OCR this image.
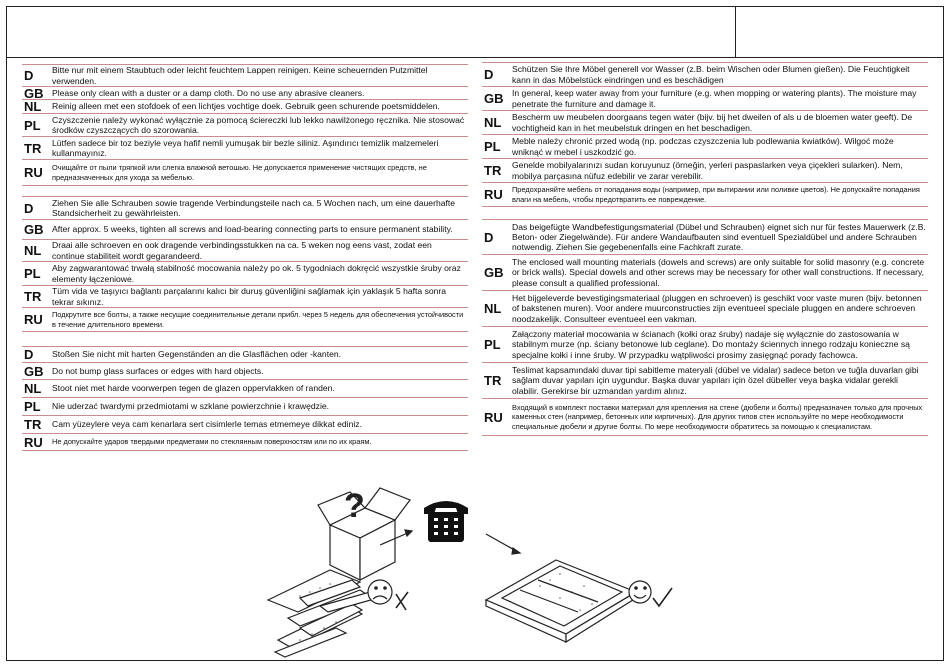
D	Bitte nur mit einem Staubtuch oder leicht feuchtem Lappen reinigen. Keine scheuernden Putzmittel verwenden.
GB Please only clean with a duster or a damp cloth. Do no use any abrasive cleaners.
NL	Reinig alleen met een stofdoek of een lichtjes vochtige doek. Gebruik geen schurende poetsmiddelen.
PL	Czyszczenie należy wykonać wyłącznie za pomocą ściereczki lub lekko nawilżonego ręcznika. Nie stosować środków czyszczących do szorowania.
TR	Lütfen sadece bir toz beziyle veya hafif nemli yumuşak bir bezle siliniz. Aşındırıcı temizlik malzemeleri kullanmayınız.
RU	Очищайте от пыли тряпкой или слегка влажной ветошью. Не допускается применение чистящих средств, не предназначенных для ухода за мебелью.
D	Ziehen Sie alle Schrauben sowie tragende Verbindungsteile nach ca. 5 Wochen nach, um eine dauerhafte Standsicherheit zu gewährleisten.
GB After approx. 5 weeks, tighten all screws and load-bearing connecting parts to ensure permanent stability.
NL	Draai alle schroeven en ook dragende verbindingsstukken na ca. 5 weken nog eens vast, zodat een continue stabiliteit wordt gegarandeerd.
PL	Aby zagwarantować trwałą stabilność mocowania należy po ok. 5 tygodniach dokręcić wszystkie śruby oraz elementy łączeniowe.
TR	Tüm vida ve taşıyıcı bağlantı parçalarını kalıcı bir duruş güvenliğini sağlamak için yaklaşık 5 hafta sonra tekrar sıkınız.
RU	Подкрутите все болты, а также несущие соединительные детали прибл. через 5 недель для обеспечения устойчивости в течение длительного времени.
D	Stoßen Sie nicht mit harten Gegenständen an die Glasflächen oder -kanten.
GB Do not bump glass surfaces or edges with hard objects.
NL	Stoot niet met harde voorwerpen tegen de glazen oppervlakken of randen.
PL	Nie uderzać twardymi przedmiotami w szklane powierzchnie i krawędzie.
TR	Cam yüzeylere veya cam kenarlara sert cisimlerle temas etmemeye dikkat ediniz.
RU	Не допускайте ударов твердыми предметами по стеклянным поверхностям или по их краям.
D	Schützen Sie Ihre Möbel generell vor Wasser (z.B. beim Wischen oder Blumen gießen). Die Feuchtigkeit kann in das Möbelstück eindringen und es beschädigen
GB In general, keep water away from your furniture (e.g. when mopping or watering plants). The moisture may penetrate the furniture and damage it.
NL	Bescherm uw meubelen doorgaans tegen water (bijv. bij het dweilen of als u de bloemen water geeft). De vochtigheid kan in het meubelstuk dringen en het beschadigen.
PL	Meble należy chronić przed wodą (np. podczas czyszczenia lub podlewania kwiatków). Wilgoć może wniknąć w mebel i uszkodzić go.
TR	Genelde mobilyalarınızı sudan koruyunuz (örneğin, yerleri paspaslarken veya çiçekleri sularken). Nem, mobilya parçasına nüfuz edebilir ve zarar verebilir.
RU	Предохраняйте мебель от попадания воды (например, при вытирании или поливке цветов). Не допускайте попадания влаги на мебель, чтобы предотвратить ее повреждение.
D
Das beigefügte Wandbefestigungsmaterial (Dübel und Schrauben) eignet sich nur für festes Mauerwerk (z.B. Beton- oder Ziegelwände). Für andere Wandaufbauten sind eventuell Spezialdübel und andere Schrauben notwendig. Ziehen Sie gegebenenfalls eine Fachkraft zurate.
GB
The enclosed wall mounting materials (dowels and screws) are only suitable for solid masonry (e.g. concrete or brick walls). Special dowels and other screws may be necessary for other wall constructions. If necessary, please consult a qualified professional.
NL
Het bijgeleverde bevestigingsmateriaal (pluggen en schroeven) is geschikt voor vaste muren (bijv. betonnen of bakstenen muren). Voor andere muurconstructies zijn eventueel speciale pluggen en andere schroeven noodzakelijk. Consulteer eventueel een vakman.
PL
Załączony materiał mocowania w ścianach (kołki oraz śruby) nadaje się wyłącznie do zastosowania w stabilnym murze (np. ściany betonowe lub ceglane). Do montaży ściennych innego rodzaju konieczne są specjalne kołki i inne śruby. W przypadku wątpliwości prosimy zasięgnąć porady fachowca.
TR
Teslimat kapsamındaki duvar tipi sabitleme materyali (dübel ve vidalar) sadece beton ve tuğla duvarlan gibi sağlam duvar yapıları için uygundur. Başka duvar yapıları için özel dübeller veya başka vidalar gerekli olabilir. Gerekirse bir uzmandan yardım alınız.
RU
Входящий в комплект поставки материал для крепления на стене (дюбели и болты) предназначен только для прочных каменных стен (например, бетонных или кирпичных). Для других типов стен используйте по мере необходимости специальные дюбели и другие болты. По мере необходимости обратитесь за помощью к специалистам.
?
